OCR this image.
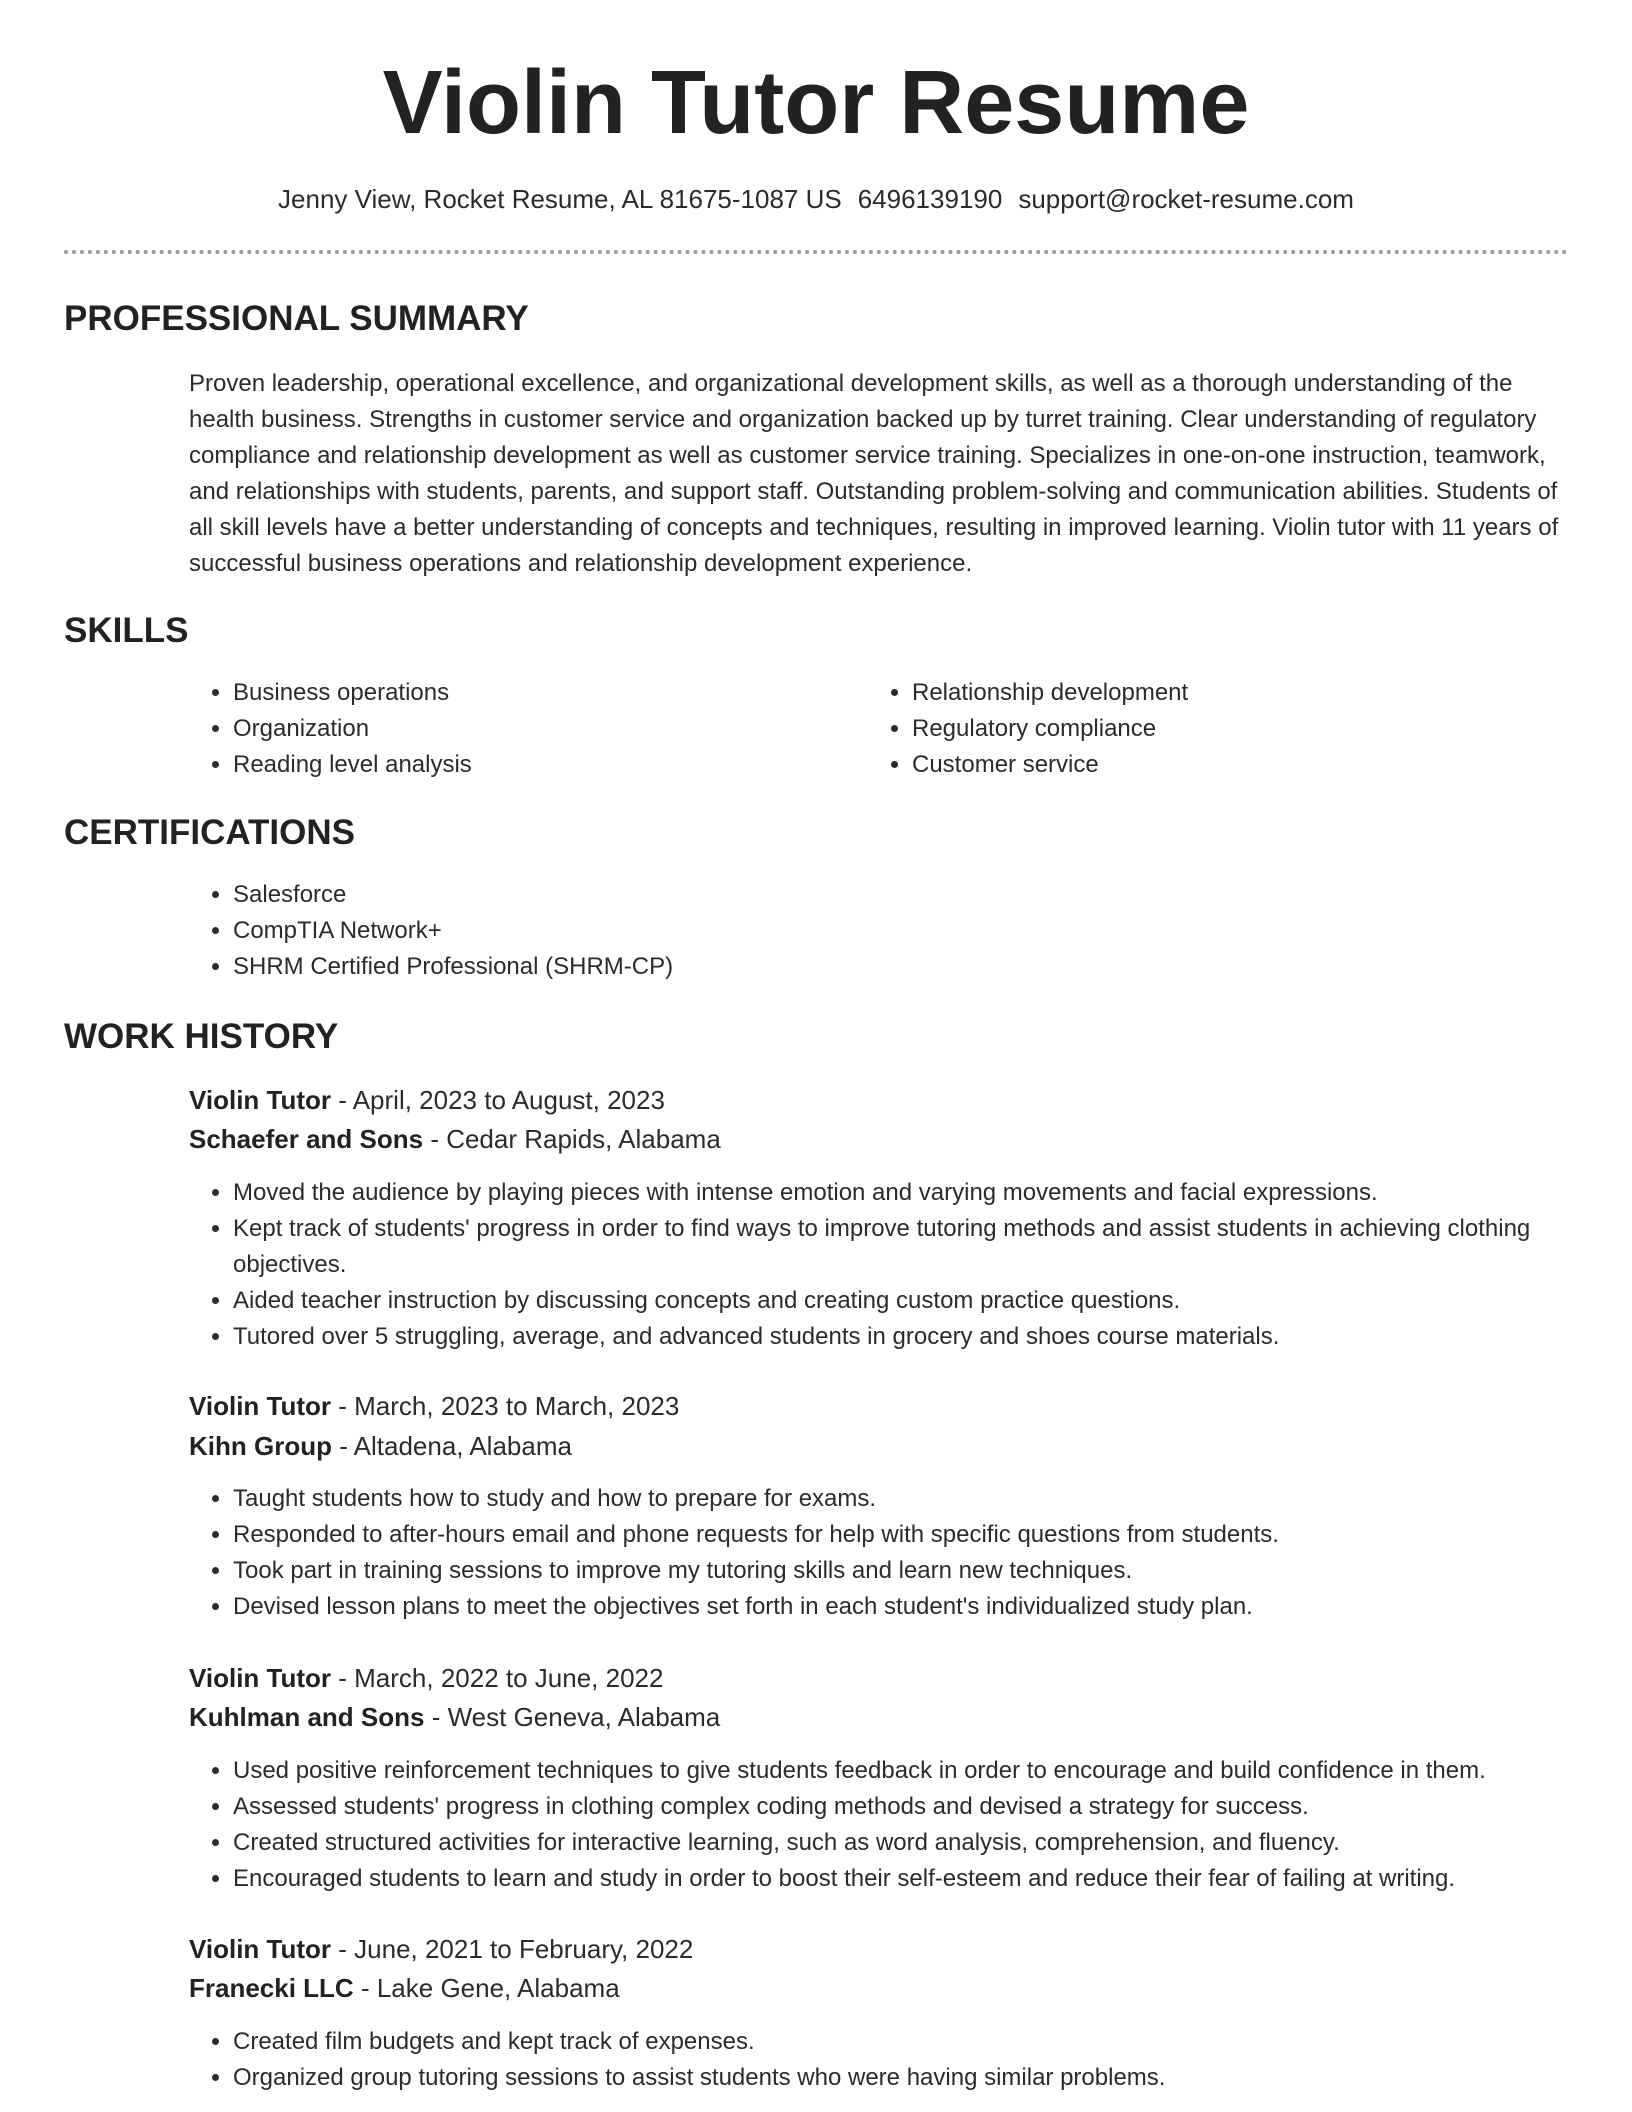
Violin Tutor Resume
Jenny View, Rocket Resume, AL 81675-1087 US 6496139190 support@rocket-resume.com
PROFESSIONAL SUMMARY

Proven leadership, operational excellence, and organizational development skills, as well as a thorough understanding of the health business. Strengths in customer service and organization backed up by turret training. Clear understanding of regulatory compliance and relationship development as well as customer service training. Specializes in one-on-one instruction, teamwork, and relationships with students, parents, and support staff. Outstanding problem-solving and communication abilities. Students of all skill levels have a better understanding of concepts and techniques, resulting in improved learning. Violin tutor with 11 years of successful business operations and relationship development experience.

SKILLS
• Business operations
• Organization
• Reading level analysis
• Relationship development
• Regulatory compliance
• Customer service
CERTIFICATIONS
• Salesforce
• CompTIA Network+
• SHRM Certified Professional (SHRM-CP)
WORK HISTORY
Violin Tutor - April, 2023 to August, 2023
Schaefer and Sons - Cedar Rapids, Alabama
• Moved the audience by playing pieces with intense emotion and varying movements and facial expressions.
• Kept track of students' progress in order to find ways to improve tutoring methods and assist students in achieving clothing objectives.
• Aided teacher instruction by discussing concepts and creating custom practice questions.
• Tutored over 5 struggling, average, and advanced students in grocery and shoes course materials.
Violin Tutor - March, 2023 to March, 2023
Kihn Group - Altadena, Alabama
• Taught students how to study and how to prepare for exams.
• Responded to after-hours email and phone requests for help with specific questions from students.
• Took part in training sessions to improve my tutoring skills and learn new techniques.
• Devised lesson plans to meet the objectives set forth in each student's individualized study plan.
Violin Tutor - March, 2022 to June, 2022
Kuhlman and Sons - West Geneva, Alabama
• Used positive reinforcement techniques to give students feedback in order to encourage and build confidence in them.
• Assessed students' progress in clothing complex coding methods and devised a strategy for success.
• Created structured activities for interactive learning, such as word analysis, comprehension, and fluency.
• Encouraged students to learn and study in order to boost their self-esteem and reduce their fear of failing at writing.
Violin Tutor - June, 2021 to February, 2022
Franecki LLC - Lake Gene, Alabama
• Created film budgets and kept track of expenses.
• Organized group tutoring sessions to assist students who were having similar problems.
